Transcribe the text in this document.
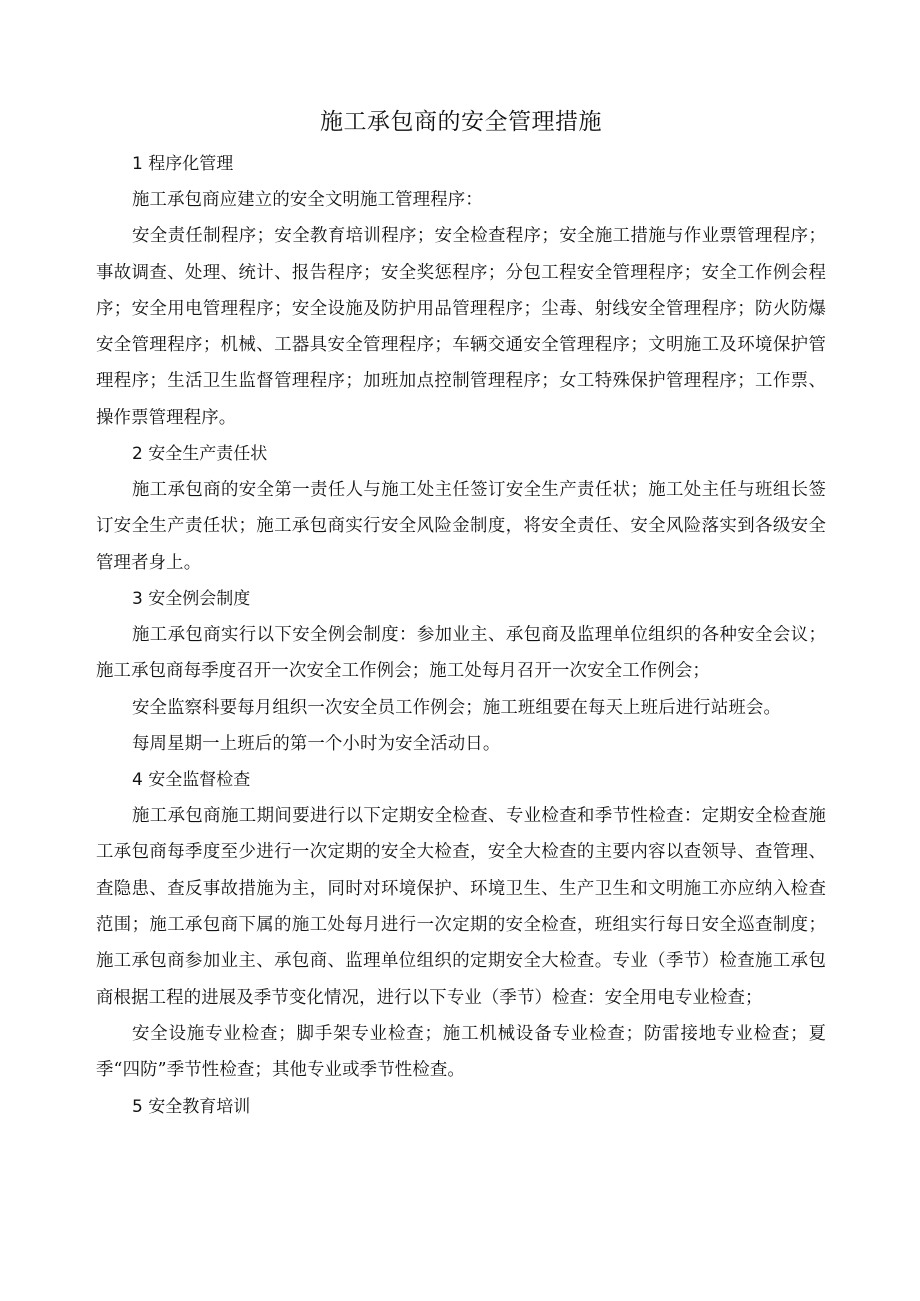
施工承包商的安全管理措施
1 程序化管理

施工承包商应建立的安全文明施工管理程序：

安全责任制程序；安全教育培训程序；安全检查程序；安全施工措施与作业票管理程序；事故调查、处理、统计、报告程序；安全奖惩程序；分包工程安全管理程序；安全工作例会程序；安全用电管理程序；安全设施及防护用品管理程序；尘毒、射线安全管理程序；防火防爆安全管理程序；机械、工器具安全管理程序；车辆交通安全管理程序；文明施工及环境保护管理程序；生活卫生监督管理程序；加班加点控制管理程序；女工特殊保护管理程序；工作票、操作票管理程序。

2 安全生产责任状

施工承包商的安全第一责任人与施工处主任签订安全生产责任状；施工处主任与班组长签订安全生产责任状；施工承包商实行安全风险金制度，将安全责任、安全风险落实到各级安全管理者身上。

3 安全例会制度

施工承包商实行以下安全例会制度：参加业主、承包商及监理单位组织的各种安全会议；施工承包商每季度召开一次安全工作例会；施工处每月召开一次安全工作例会；

安全监察科要每月组织一次安全员工作例会；施工班组要在每天上班后进行站班会。

每周星期一上班后的第一个小时为安全活动日。

4 安全监督检查

施工承包商施工期间要进行以下定期安全检查、专业检查和季节性检查：定期安全检查施工承包商每季度至少进行一次定期的安全大检查，安全大检查的主要内容以查领导、查管理、查隐患、查反事故措施为主，同时对环境保护、环境卫生、生产卫生和文明施工亦应纳入检查范围；施工承包商下属的施工处每月进行一次定期的安全检查，班组实行每日安全巡查制度；施工承包商参加业主、承包商、监理单位组织的定期安全大检查。专业（季节）检查施工承包商根据工程的进展及季节变化情况，进行以下专业（季节）检查：安全用电专业检查；

安全设施专业检查；脚手架专业检查；施工机械设备专业检查；防雷接地专业检查；夏季“四防”季节性检查；其他专业或季节性检查。

5 安全教育培训
